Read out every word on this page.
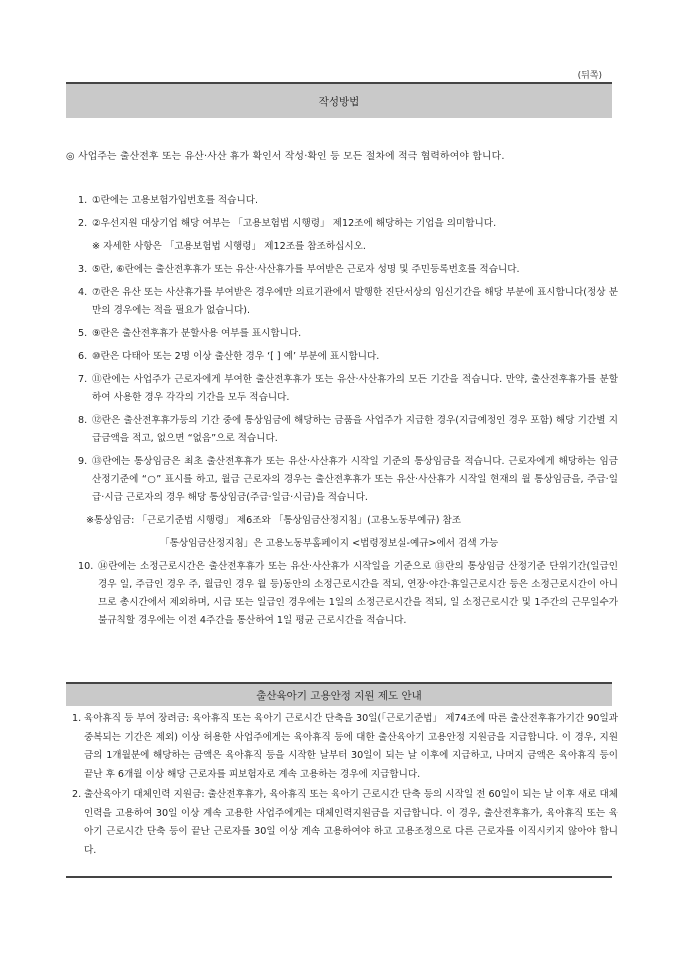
(뒤쪽)
작성방법
◎ 사업주는 출산전후 또는 유산·사산 휴가 확인서 작성·확인 등 모든 절차에 적극 협력하여야 합니다.
1. ①란에는 고용보험가입번호를 적습니다.
2. ②우선지원 대상기업 해당 여부는 「고용보험법 시행령」 제12조에 해당하는 기업을 의미합니다.
※ 자세한 사항은 「고용보험법 시행령」 제12조를 참조하십시오.
3. ⑤란, ⑥란에는 출산전후휴가 또는 유산·사산휴가를 부여받은 근로자 성명 및 주민등록번호를 적습니다.
4. ⑦란은 유산 또는 사산휴가를 부여받은 경우에만 의료기관에서 발행한 진단서상의 임신기간을 해당 부분에 표시합니다(정상 분만의 경우에는 적을 필요가 없습니다).
5. ⑨란은 출산전후휴가 분할사용 여부를 표시합니다.
6. ⑩란은 다태아 또는 2명 이상 출산한 경우 ‘[ ] 예’ 부분에 표시합니다.
7. ⑪란에는 사업주가 근로자에게 부여한 출산전후휴가 또는 유산·사산휴가의 모든 기간을 적습니다. 만약, 출산전후휴가를 분할하여 사용한 경우 각각의 기간을 모두 적습니다.
8. ⑫란은 출산전후휴가등의 기간 중에 통상임금에 해당하는 금품을 사업주가 지급한 경우(지급예정인 경우 포함) 해당 기간별 지급금액을 적고, 없으면 “없음”으로 적습니다.
9. ⑬란에는 통상임금은 최초 출산전후휴가 또는 유산·사산휴가 시작일 기준의 통상임금을 적습니다. 근로자에게 해당하는 임금 산정기준에 “○” 표시를 하고, 월급 근로자의 경우는 출산전후휴가 또는 유산·사산휴가 시작일 현재의 월 통상임금을, 주급·일급·시급 근로자의 경우 해당 통상임금(주급·일급·시급)을 적습니다.
※통상임금: 「근로기준법 시행령」 제6조와 「통상임금산정지침」(고용노동부예규) 참조
「통상임금산정지침」은 고용노동부홈페이지 <법령정보실-예규>에서 검색 가능
10. ⑭란에는 소정근로시간은 출산전후휴가 또는 유산·사산휴가 시작일을 기준으로 ⑬란의 통상임금 산정기준 단위기간(일급인 경우 일, 주급인 경우 주, 월급인 경우 월 등)동안의 소정근로시간을 적되, 연장·야간·휴일근로시간 등은 소정근로시간이 아니므로 총시간에서 제외하며, 시급 또는 일급인 경우에는 1일의 소정근로시간을 적되, 일 소정근로시간 및 1주간의 근무일수가 불규칙할 경우에는 이전 4주간을 통산하여 1일 평균 근로시간을 적습니다.
출산육아기 고용안정 지원 제도 안내
1. 육아휴직 등 부여 장려금: 육아휴직 또는 육아기 근로시간 단축을 30일(「근로기준법」 제74조에 따른 출산전후휴가기간 90일과 중복되는 기간은 제외) 이상 허용한 사업주에게는 육아휴직 등에 대한 출산육아기 고용안정 지원금을 지급합니다. 이 경우, 지원금의 1개월분에 해당하는 금액은 육아휴직 등을 시작한 날부터 30일이 되는 날 이후에 지급하고, 나머지 금액은 육아휴직 등이 끝난 후 6개월 이상 해당 근로자를 피보험자로 계속 고용하는 경우에 지급합니다.
2. 출산육아기 대체인력 지원금: 출산전후휴가, 육아휴직 또는 육아기 근로시간 단축 등의 시작일 전 60일이 되는 날 이후 새로 대체인력을 고용하여 30일 이상 계속 고용한 사업주에게는 대체인력지원금을 지급합니다. 이 경우, 출산전후휴가, 육아휴직 또는 육아기 근로시간 단축 등이 끝난 근로자를 30일 이상 계속 고용하여야 하고 고용조정으로 다른 근로자를 이직시키지 않아야 합니다.
